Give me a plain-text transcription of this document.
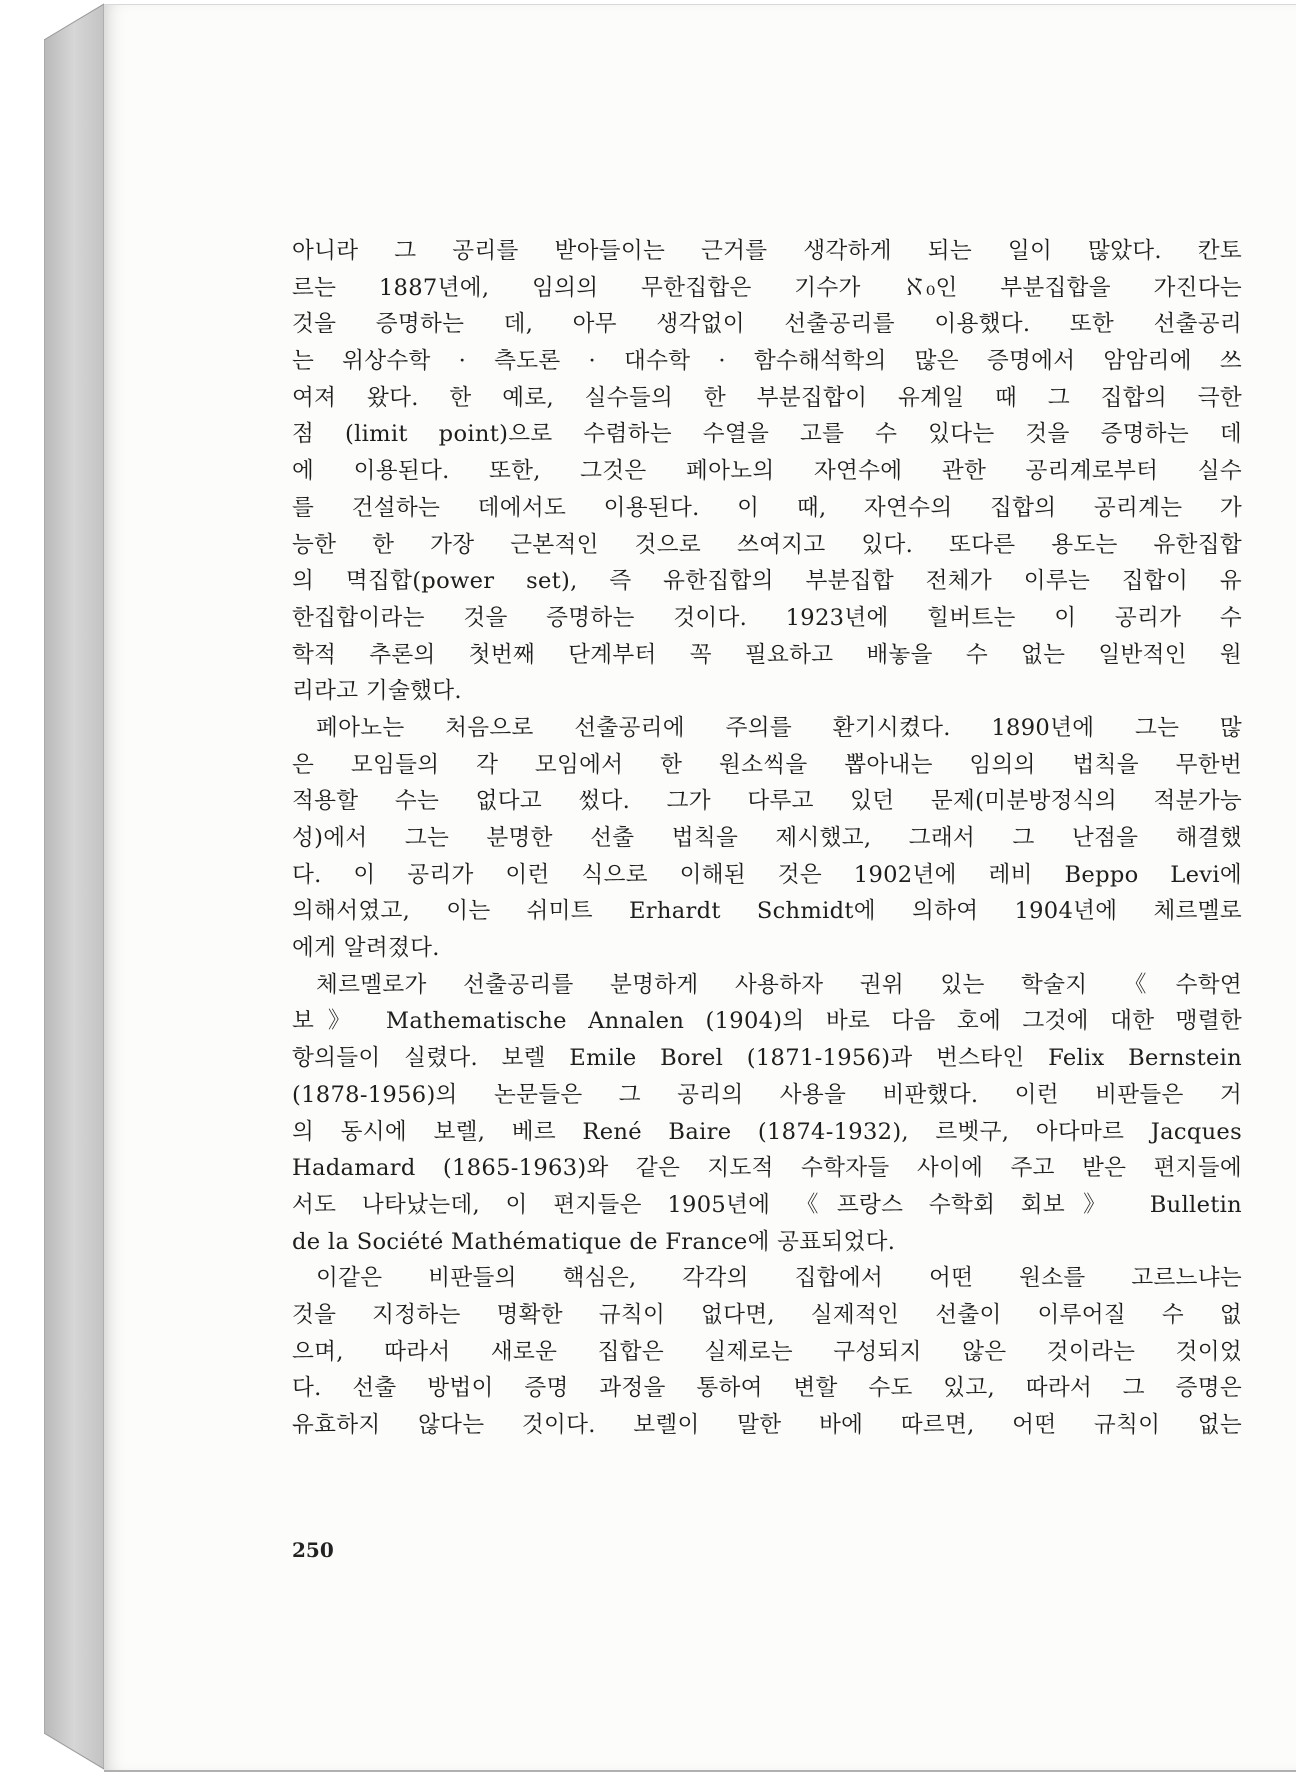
아니라 그 공리를 받아들이는 근거를 생각하게 되는 일이 많았다. 칸토
르는 1887년에, 임의의 무한집합은 기수가 ℵ₀인 부분집합을 가진다는
것을 증명하는 데, 아무 생각없이 선출공리를 이용했다. 또한 선출공리
는 위상수학 · 측도론 · 대수학 · 함수해석학의 많은 증명에서 암암리에 쓰
여져 왔다. 한 예로, 실수들의 한 부분집합이 유계일 때 그 집합의 극한
점 (limit point)으로 수렴하는 수열을 고를 수 있다는 것을 증명하는 데
에 이용된다. 또한, 그것은 페아노의 자연수에 관한 공리계로부터 실수
를 건설하는 데에서도 이용된다. 이 때, 자연수의 집합의 공리계는 가
능한 한 가장 근본적인 것으로 쓰여지고 있다. 또다른 용도는 유한집합
의 멱집합(power set), 즉 유한집합의 부분집합 전체가 이루는 집합이 유
한집합이라는 것을 증명하는 것이다. 1923년에 힐버트는 이 공리가 수
학적 추론의 첫번째 단계부터 꼭 필요하고 배놓을 수 없는 일반적인 원
리라고 기술했다.
페아노는 처음으로 선출공리에 주의를 환기시켰다. 1890년에 그는 많
은 모임들의 각 모임에서 한 원소씩을 뽑아내는 임의의 법칙을 무한번
적용할 수는 없다고 썼다. 그가 다루고 있던 문제(미분방정식의 적분가능
성)에서 그는 분명한 선출 법칙을 제시했고, 그래서 그 난점을 해결했
다. 이 공리가 이런 식으로 이해된 것은 1902년에 레비 Beppo Levi에
의해서였고, 이는 쉬미트 Erhardt Schmidt에 의하여 1904년에 체르멜로
에게 알려졌다.
체르멜로가 선출공리를 분명하게 사용하자 권위 있는 학술지 《수학연
보》 Mathematische Annalen (1904)의 바로 다음 호에 그것에 대한 맹렬한
항의들이 실렸다. 보렐 Emile Borel (1871-1956)과 번스타인 Felix Bernstein
(1878-1956)의 논문들은 그 공리의 사용을 비판했다. 이런 비판들은 거
의 동시에 보렐, 베르 René Baire (1874-1932), 르벳구, 아다마르 Jacques
Hadamard (1865-1963)와 같은 지도적 수학자들 사이에 주고 받은 편지들에
서도 나타났는데, 이 편지들은 1905년에 《프랑스 수학회 회보》 Bulletin
de la Société Mathématique de France에 공표되었다.
이같은 비판들의 핵심은, 각각의 집합에서 어떤 원소를 고르느냐는
것을 지정하는 명확한 규칙이 없다면, 실제적인 선출이 이루어질 수 없
으며, 따라서 새로운 집합은 실제로는 구성되지 않은 것이라는 것이었
다. 선출 방법이 증명 과정을 통하여 변할 수도 있고, 따라서 그 증명은
유효하지 않다는 것이다. 보렐이 말한 바에 따르면, 어떤 규칙이 없는
250
